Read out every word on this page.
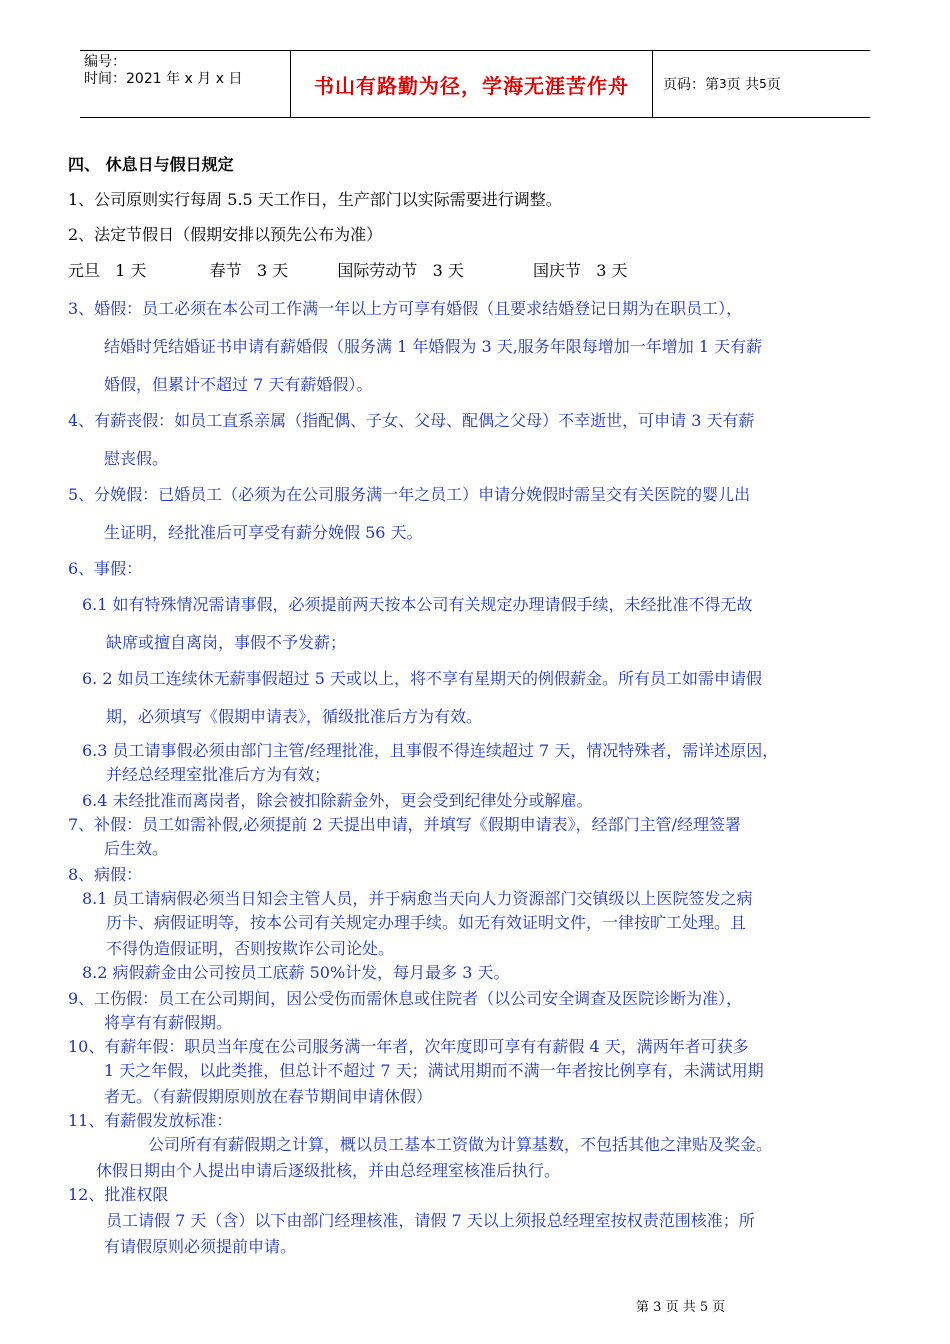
编号：
时间：2021 年 x 月 x 日	书山有路勤为径，学海无涯苦作舟	页码：第 3 页 共 5 页
四、 休息日与假日规定
1、公司原则实行每周 5.5 天工作日，生产部门以实际需要进行调整。
2、法定节假日（假期安排以预先公布为准）
元旦 1 天	春节 3 天	国际劳动节 3 天	国庆节 3 天
3、婚假：员工必须在本公司工作满一年以上方可享有婚假（且要求结婚登记日期为在职员工），
结婚时凭结婚证书申请有薪婚假（服务满 1 年婚假为 3 天,服务年限每增加一年增加 1 天有薪
婚假，但累计不超过 7 天有薪婚假）。
4、有薪丧假：如员工直系亲属（指配偶、子女、父母、配偶之父母）不幸逝世，可申请 3 天有薪
慰丧假。
5、分娩假：已婚员工（必须为在公司服务满一年之员工）申请分娩假时需呈交有关医院的婴儿出
生证明，经批准后可享受有薪分娩假 56 天。
6、事假：
6.1 如有特殊情况需请事假，必须提前两天按本公司有关规定办理请假手续，未经批准不得无故
缺席或擅自离岗，事假不予发薪；
6. 2 如员工连续休无薪事假超过 5 天或以上，将不享有星期天的例假薪金。所有员工如需申请假
期，必须填写《假期申请表》，循级批准后方为有效。
6.3 员工请事假必须由部门主管/经理批准，且事假不得连续超过 7 天，情况特殊者，需详述原因，
并经总经理室批准后方为有效；
6.4 未经批准而离岗者，除会被扣除薪金外，更会受到纪律处分或解雇。
7、补假：员工如需补假,必须提前 2 天提出申请，并填写《假期申请表》，经部门主管/经理签署
后生效。
8、病假：
8.1 员工请病假必须当日知会主管人员，并于病愈当天向人力资源部门交镇级以上医院签发之病
历卡、病假证明等，按本公司有关规定办理手续。如无有效证明文件，一律按旷工处理。且
不得伪造假证明，否则按欺诈公司论处。
8.2 病假薪金由公司按员工底薪 50%计发，每月最多 3 天。
9、工伤假：员工在公司期间，因公受伤而需休息或住院者（以公司安全调查及医院诊断为准），
将享有有薪假期。
10、有薪年假：职员当年度在公司服务满一年者，次年度即可享有有薪假 4 天，满两年者可获多
1 天之年假，以此类推，但总计不超过 7 天；满试用期而不满一年者按比例享有，未满试用期
者无。（有薪假期原则放在春节期间申请休假）
11、有薪假发放标准：
公司所有有薪假期之计算，概以员工基本工资做为计算基数，不包括其他之津贴及奖金。
休假日期由个人提出申请后逐级批核，并由总经理室核准后执行。
12、批准权限
员工请假 7 天（含）以下由部门经理核准，请假 7 天以上须报总经理室按权责范围核准；所
有请假原则必须提前申请。
第 3 页 共 5 页
